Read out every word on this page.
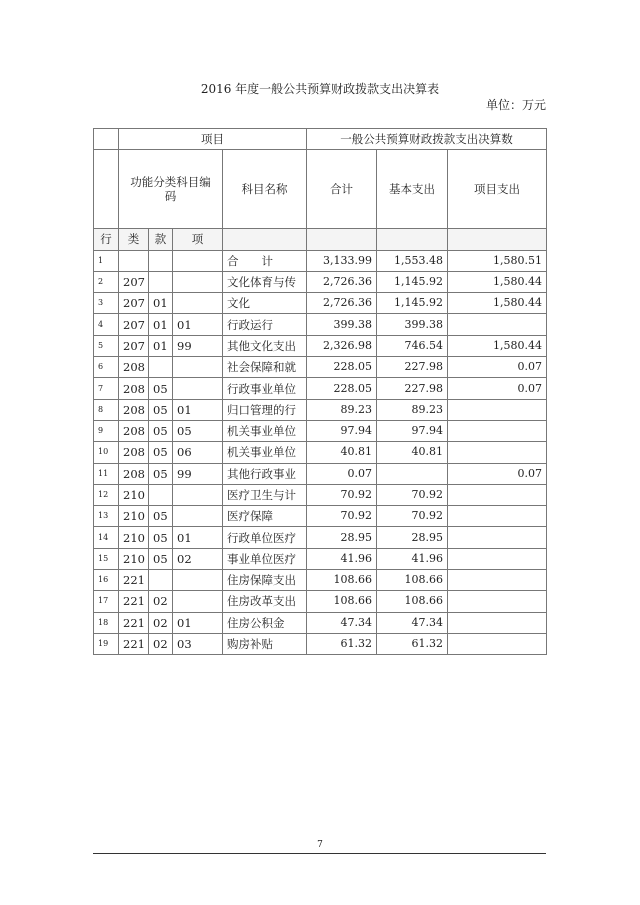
2016 年度一般公共预算财政拨款支出决算表
单位：万元
	项目				一般公共预算财政拨款支出决算数		
	功能分类科目编码			科目名称	合计	基本支出	项目支出
行	类	款	项				
1				合　　计	3,133.99	1,553.48	1,580.51
2	207			文化体育与传	2,726.36	1,145.92	1,580.44
3	207	01		文化	2,726.36	1,145.92	1,580.44
4	207	01	01	行政运行	399.38	399.38	
5	207	01	99	其他文化支出	2,326.98	746.54	1,580.44
6	208			社会保障和就	228.05	227.98	0.07
7	208	05		行政事业单位	228.05	227.98	0.07
8	208	05	01	归口管理的行	89.23	89.23	
9	208	05	05	机关事业单位	97.94	97.94	
10	208	05	06	机关事业单位	40.81	40.81	
11	208	05	99	其他行政事业	0.07		0.07
12	210			医疗卫生与计	70.92	70.92	
13	210	05		医疗保障	70.92	70.92	
14	210	05	01	行政单位医疗	28.95	28.95	
15	210	05	02	事业单位医疗	41.96	41.96	
16	221			住房保障支出	108.66	108.66	
17	221	02		住房改革支出	108.66	108.66	
18	221	02	01	住房公积金	47.34	47.34	
19	221	02	03	购房补贴	61.32	61.32	
7
